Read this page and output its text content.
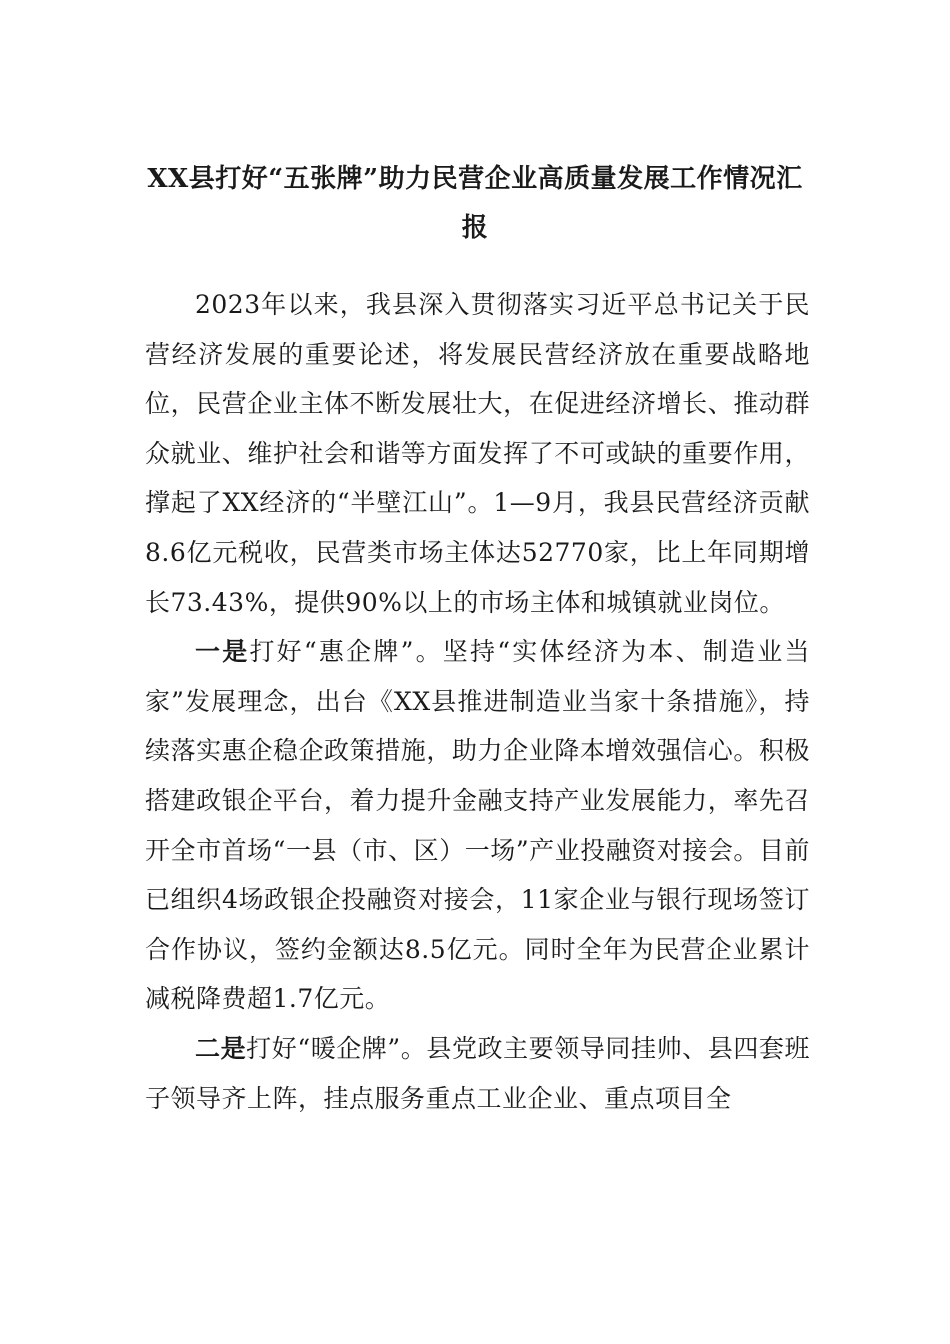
XX县打好“五张牌”助力民营企业高质量发展工作情况汇报

2023年以来，我县深入贯彻落实习近平总书记关于民营经济发展的重要论述，将发展民营经济放在重要战略地位，民营企业主体不断发展壮大，在促进经济增长、推动群众就业、维护社会和谐等方面发挥了不可或缺的重要作用，撑起了XX经济的“半壁江山”。1—9月，我县民营经济贡献8.6亿元税收，民营类市场主体达52770家，比上年同期增长73.43%，提供90%以上的市场主体和城镇就业岗位。

一是打好“惠企牌”。坚持“实体经济为本、制造业当家”发展理念，出台《XX县推进制造业当家十条措施》，持续落实惠企稳企政策措施，助力企业降本增效强信心。积极搭建政银企平台，着力提升金融支持产业发展能力，率先召开全市首场“一县（市、区）一场”产业投融资对接会。目前已组织4场政银企投融资对接会，11家企业与银行现场签订合作协议，签约金额达8.5亿元。同时全年为民营企业累计减税降费超1.7亿元。

二是打好“暖企牌”。县党政主要领导同挂帅、县四套班子领导齐上阵，挂点服务重点工业企业、重点项目全
